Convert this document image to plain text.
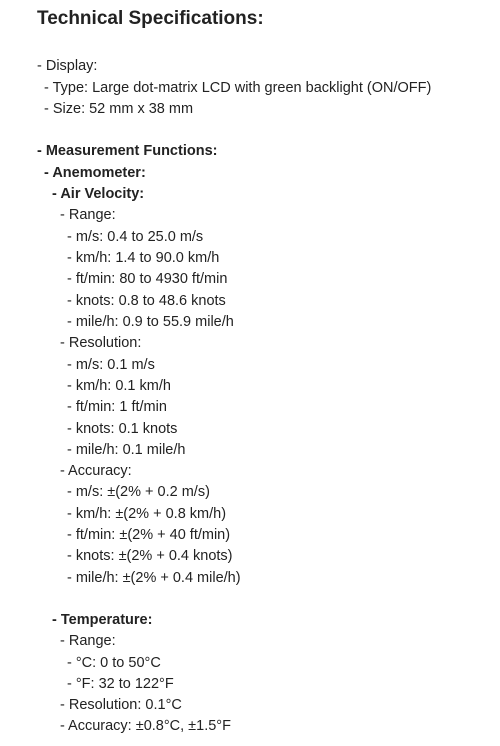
Technical Specifications:
- Display:
- Type: Large dot-matrix LCD with green backlight (ON/OFF)
- Size: 52 mm x 38 mm
- Measurement Functions:
- Anemometer:
- Air Velocity:
- Range:
- m/s: 0.4 to 25.0 m/s
- km/h: 1.4 to 90.0 km/h
- ft/min: 80 to 4930 ft/min
- knots: 0.8 to 48.6 knots
- mile/h: 0.9 to 55.9 mile/h
- Resolution:
- m/s: 0.1 m/s
- km/h: 0.1 km/h
- ft/min: 1 ft/min
- knots: 0.1 knots
- mile/h: 0.1 mile/h
- Accuracy:
- m/s: ±(2% + 0.2 m/s)
- km/h: ±(2% + 0.8 km/h)
- ft/min: ±(2% + 40 ft/min)
- knots: ±(2% + 0.4 knots)
- mile/h: ±(2% + 0.4 mile/h)
- Temperature:
- Range:
- °C: 0 to 50°C
- °F: 32 to 122°F
- Resolution: 0.1°C
- Accuracy: ±0.8°C, ±1.5°F
